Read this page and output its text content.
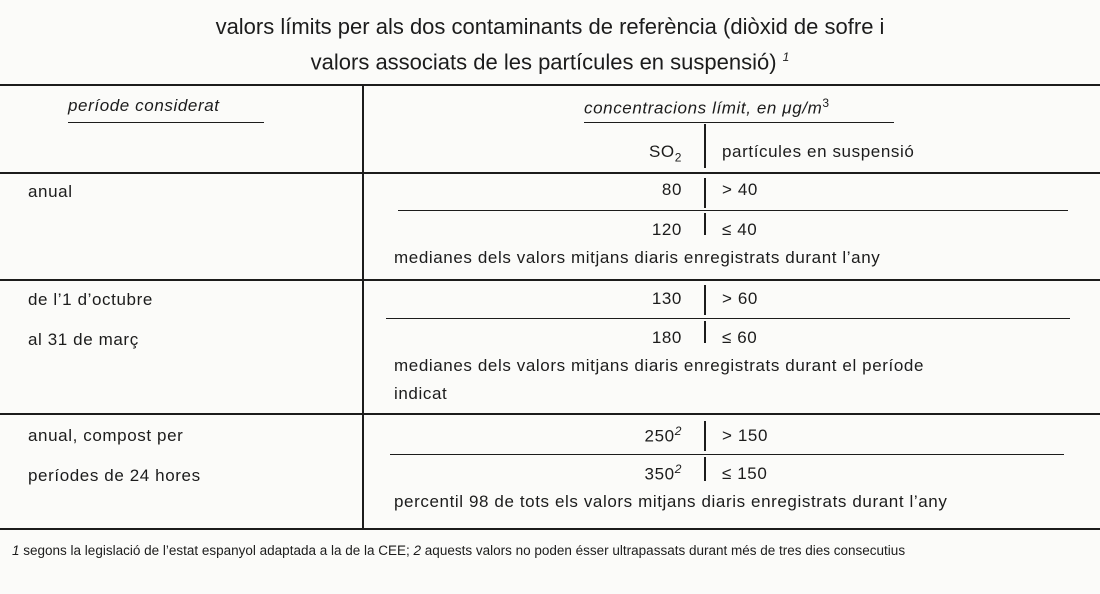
valors límits per als dos contaminants de referència (diòxid de sofre i
valors associats de les partícules en suspensió) $^1$
període considerat	concentracions límit, en $\mu g/m^3$
$SO_2$ partícules en suspensió
anual	80 > 40
120 ≤ 40
medianes dels valors mitjans diaris enregistrats durant l’any
de l’1 d’octubre
al 31 de març
130 > 60
180 ≤ 60
medianes dels valors mitjans diaris enregistrats durant el període
indicat
anual, compost per
períodes de 24 hores
$250^2 > 150$
$350^2 \le 150$
percentil 98 de tots els valors mitjans diaris enregistrats durant l’any
1 segons la legislació de l’estat espanyol adaptada a la de la CEE; 2 aquests valors no poden ésser ultrapassats durant més de tres dies consecutius
